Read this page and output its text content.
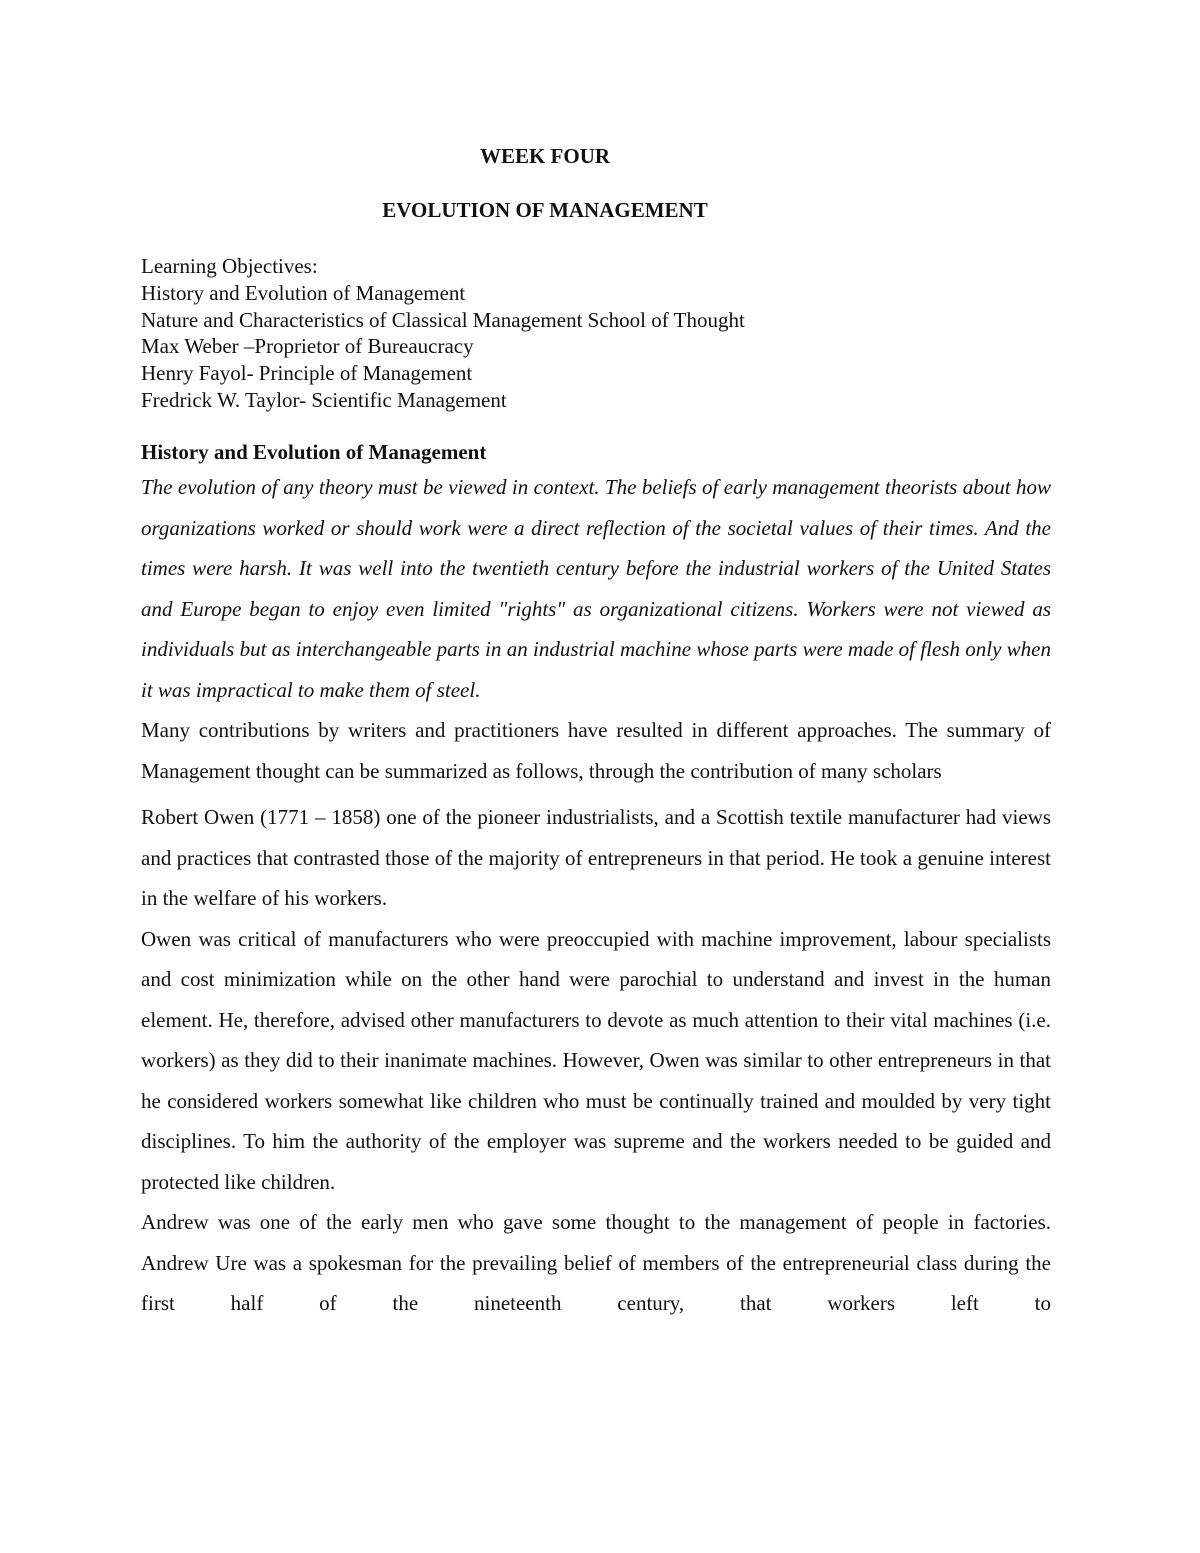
WEEK FOUR
EVOLUTION OF MANAGEMENT
Learning Objectives:
History and Evolution of Management
Nature and Characteristics of Classical Management School of Thought
Max Weber –Proprietor of Bureaucracy
Henry Fayol- Principle of Management
Fredrick W. Taylor- Scientific Management
History and Evolution of Management

The evolution of any theory must be viewed in context. The beliefs of early management theorists about how organizations worked or should work were a direct reflection of the societal values of their times. And the times were harsh. It was well into the twentieth century before the industrial workers of the United States and Europe began to enjoy even limited "rights" as organizational citizens. Workers were not viewed as individuals but as interchangeable parts in an industrial machine whose parts were made of flesh only when it was impractical to make them of steel.

Many contributions by writers and practitioners have resulted in different approaches. The summary of Management thought can be summarized as follows, through the contribution of many scholars

Robert Owen (1771 – 1858) one of the pioneer industrialists, and a Scottish textile manufacturer had views and practices that contrasted those of the majority of entrepreneurs in that period. He took a genuine interest in the welfare of his workers.

Owen was critical of manufacturers who were preoccupied with machine improvement, labour specialists and cost minimization while on the other hand were parochial to understand and invest in the human element. He, therefore, advised other manufacturers to devote as much attention to their vital machines (i.e. workers) as they did to their inanimate machines. However, Owen was similar to other entrepreneurs in that he considered workers somewhat like children who must be continually trained and moulded by very tight disciplines. To him the authority of the employer was supreme and the workers needed to be guided and protected like children.

Andrew was one of the early men who gave some thought to the management of people in factories. Andrew Ure was a spokesman for the prevailing belief of members of the entrepreneurial class during the first half of the nineteenth century, that workers left to
